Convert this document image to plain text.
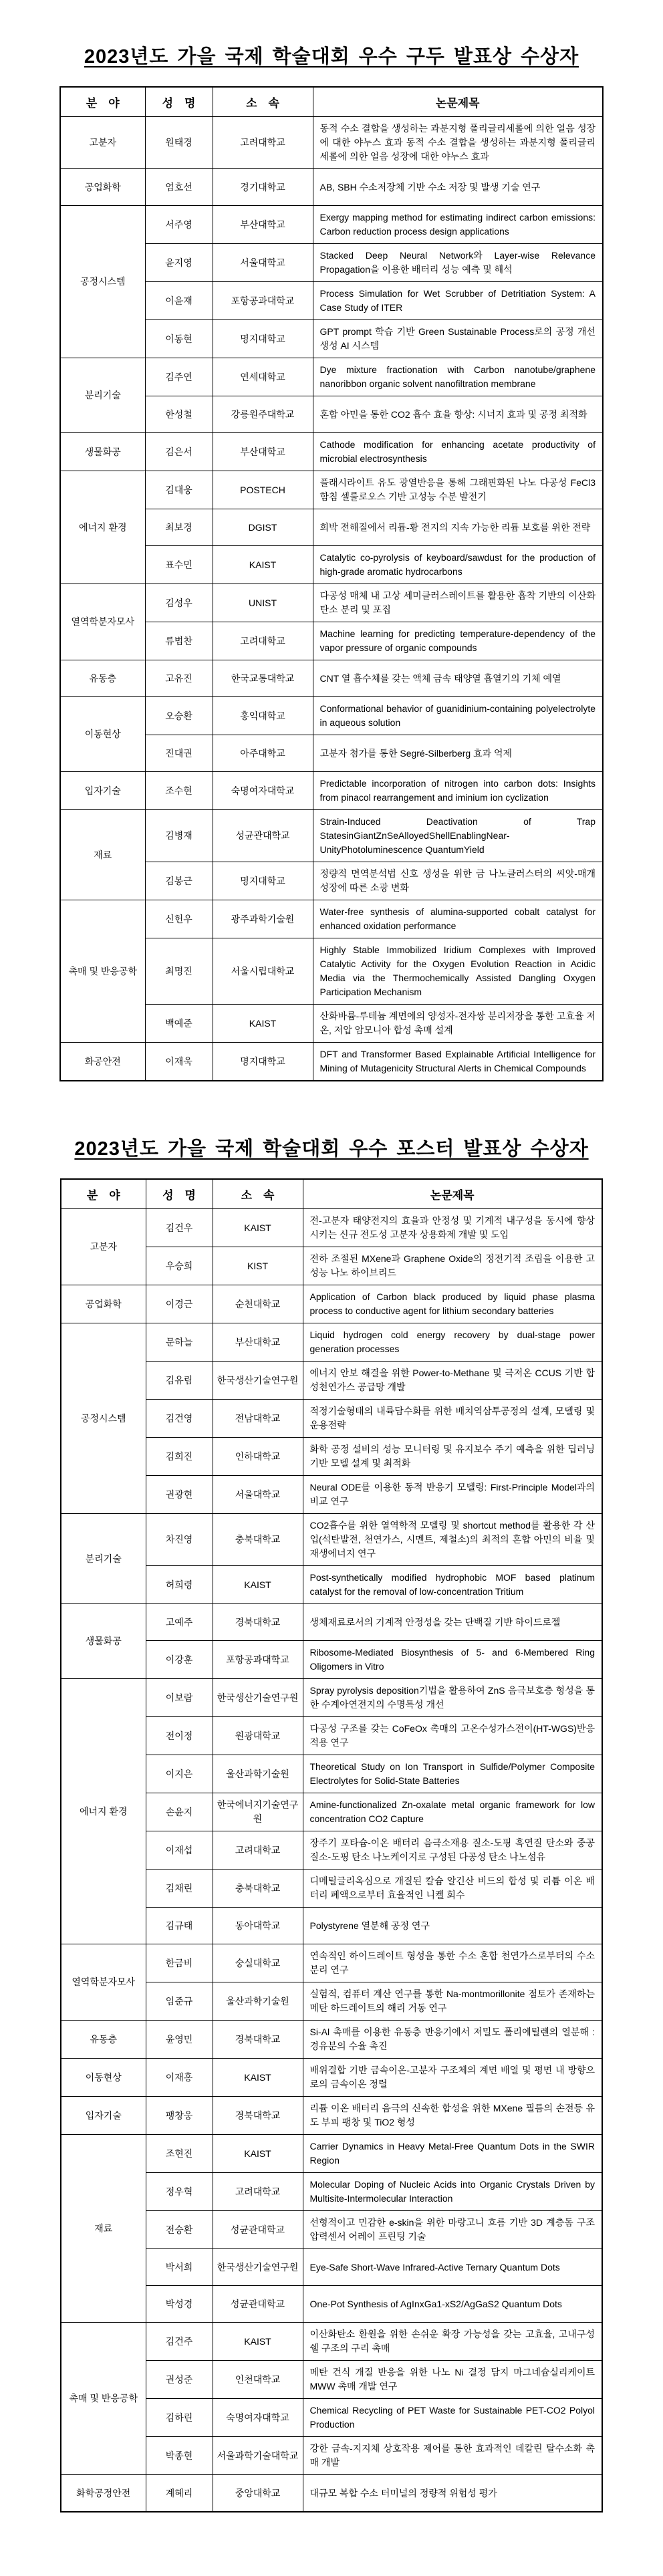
2023년도 가을 국제 학술대회 우수 구두 발표상 수상자
분　야	성　명	소　속	논문제목
고분자	원태경	고려대학교	동적 수소 결합을 생성하는 과분지형 폴리글리세롤에 의한 얼음 성장에 대한 야누스 효과 동적 수소 결합을 생성하는 과분지형 폴리글리세롤에 의한 얼음 성장에 대한 야누스 효과
공업화학	엄호선	경기대학교	AB, SBH 수소저장체 기반 수소 저장 및 발생 기술 연구
공정시스템	서주영	부산대학교	Exergy mapping method for estimating indirect carbon emissions: Carbon reduction process design applications
	윤지영	서울대학교	Stacked Deep Neural Network와 Layer-wise Relevance Propagation을 이용한 배터리 성능 예측 및 해석
	이윤재	포항공과대학교	Process Simulation for Wet Scrubber of Detritiation System: A Case Study of ITER
	이동현	명지대학교	GPT prompt 학습 기반 Green Sustainable Process로의 공정 개선 생성 AI 시스템
분리기술	김주연	연세대학교	Dye mixture fractionation with Carbon nanotube/graphene nanoribbon organic solvent nanofiltration membrane
	한성철	강릉원주대학교	혼합 아민을 통한 CO2 흡수 효율 향상: 시너지 효과 및 공정 최적화
생물화공	김은서	부산대학교	Cathode modification for enhancing acetate productivity of microbial electrosynthesis
에너지 환경	김대웅	POSTECH	플래시라이트 유도 광열반응을 통해 그래핀화된 나노 다공성 FeCl3 함침 셀룰로오스 기반 고성능 수분 발전기
	최보경	DGIST	희박 전해질에서 리튬-황 전지의 지속 가능한 리튬 보호를 위한 전략
	표수민	KAIST	Catalytic co-pyrolysis of keyboard/sawdust for the production of high-grade aromatic hydrocarbons
열역학분자모사	김성우	UNIST	다공성 매체 내 고상 세미클러스레이트를 활용한 흡착 기반의 이산화탄소 분리 및 포집
	류범찬	고려대학교	Machine learning for predicting temperature-dependency of the vapor pressure of organic compounds
유동층	고유진	한국교통대학교	CNT 열 흡수체를 갖는 액체 금속 태양열 흡열기의 기체 예열
이동현상	오승환	홍익대학교	Conformational behavior of guanidinium-containing polyelectrolyte in aqueous solution
	진대권	아주대학교	고분자 첨가를 통한 Segré-Silberberg 효과 억제
입자기술	조수현	숙명여자대학교	Predictable incorporation of nitrogen into carbon dots: Insights from pinacol rearrangement and iminium ion cyclization
재료	김병재	성균관대학교	Strain-Induced Deactivation of Trap StatesinGiantZnSeAlloyedShellEnablingNear-UnityPhotoluminescence QuantumYield
	김봉근	명지대학교	정량적 면역분석법 신호 생성을 위한 금 나노클러스터의 씨앗-매개 성장에 따른 소광 변화
촉매 및 반응공학	신헌우	광주과학기술원	Water-free synthesis of alumina-supported cobalt catalyst for enhanced oxidation performance
	최명진	서울시립대학교	Highly Stable Immobilized Iridium Complexes with Improved Catalytic Activity for the Oxygen Evolution Reaction in Acidic Media via the Thermochemically Assisted Dangling Oxygen Participation Mechanism
	백예준	KAIST	산화바륨-루테늄 계면에의 양성자-전자쌍 분리저장을 통한 고효율 저온, 저압 암모니아 합성 촉매 설계
화공안전	이재욱	명지대학교	DFT and Transformer Based Explainable Artificial Intelligence for Mining of Mutagenicity Structural Alerts in Chemical Compounds
2023년도 가을 국제 학술대회 우수 포스터 발표상 수상자
분　야	성　명	소　속	논문제목
고분자	김건우	KAIST	전-고분자 태양전지의 효율과 안정성 및 기계적 내구성을 동시에 향상시키는 신규 전도성 고분자 상용화제 개발 및 도입
	우승희	KIST	전하 조절된 MXene과 Graphene Oxide의 정전기적 조립을 이용한 고성능 나노 하이브리드
공업화학	이경근	순천대학교	Application of Carbon black produced by liquid phase plasma process to conductive agent for lithium secondary batteries
공정시스템	문하늘	부산대학교	Liquid hydrogen cold energy recovery by dual-stage power generation processes
	김유림	한국생산기술연구원	에너지 안보 해결을 위한 Power-to-Methane 및 극저온 CCUS 기반 합성천연가스 공급망 개발
	김건영	전남대학교	적정기술형태의 내륙담수화를 위한 배치역삼투공정의 설계, 모델링 및 운용전략
	김희진	인하대학교	화학 공정 설비의 성능 모니터링 및 유지보수 주기 예측을 위한 딥러닝 기반 모델 설계 및 최적화
	권광현	서울대학교	Neural ODE를 이용한 동적 반응기 모델링: First-Principle Model과의 비교 연구
분리기술	차진영	충북대학교	CO2흡수를 위한 열역학적 모델링 및 shortcut method를 활용한 각 산업(석탄발전, 천연가스, 시멘트, 제철소)의 최적의 혼합 아민의 비율 및 재생에너지 연구
	허희령	KAIST	Post-synthetically modified hydrophobic MOF based platinum catalyst for the removal of low-concentration Tritium
생물화공	고예주	경북대학교	생체재료로서의 기계적 안정성을 갖는 단백질 기반 하이드로젤
	이강훈	포항공과대학교	Ribosome-Mediated Biosynthesis of 5- and 6-Membered Ring Oligomers in Vitro
에너지 환경	이보람	한국생산기술연구원	Spray pyrolysis deposition기법을 활용하여 ZnS 음극보호층 형성을 통한 수계아연전지의 수명특성 개선
	전이정	원광대학교	다공성 구조를 갖는 CoFeOx 촉매의 고온수성가스전이(HT-WGS)반응 적용 연구
	이지은	울산과학기술원	Theoretical Study on Ion Transport in Sulfide/Polymer Composite Electrolytes for Solid-State Batteries
	손윤지	한국에너지기술연구원	Amine-functionalized Zn-oxalate metal organic framework for low concentration CO2 Capture
	이재섭	고려대학교	장주기 포타슘-이온 배터리 음극소재용 질소-도핑 흑연질 탄소와 중공 질소-도핑 탄소 나노케이지로 구성된 다공성 탄소 나노섬유
	김채린	충북대학교	디메틸글리옥심으로 개질된 칼슘 알긴산 비드의 합성 및 리튬 이온 배터리 폐액으로부터 효율적인 니켈 회수
	김규태	동아대학교	Polystyrene 열분해 공정 연구
열역학분자모사	한금비	숭실대학교	연속적인 하이드레이트 형성을 통한 수소 혼합 천연가스로부터의 수소 분리 연구
	임준규	울산과학기술원	실험적, 컴퓨터 계산 연구를 통한 Na-montmorillonite 점토가 존재하는 메탄 하드레이트의 해리 거동 연구
유동층	윤영민	경북대학교	Si-Al 촉매를 이용한 유동층 반응기에서 저밀도 폴리에틸렌의 열분해 : 경유분의 수율 촉진
이동현상	이재홍	KAIST	배위결합 기반 금속이온-고분자 구조체의 계면 배열 및 평면 내 방향으로의 금속이온 정렬
입자기술	팽창웅	경북대학교	리튬 이온 배터리 음극의 신속한 합성을 위한 MXene 필름의 손전등 유도 부피 팽창 및 TiO2 형성
재료	조현진	KAIST	Carrier Dynamics in Heavy Metal-Free Quantum Dots in the SWIR Region
	정우혁	고려대학교	Molecular Doping of Nucleic Acids into Organic Crystals Driven by Multisite-Intermolecular Interaction
	전승환	성균관대학교	선형적이고 민감한 e-skin을 위한 마랑고니 흐름 기반 3D 계층돔 구조 압력센서 어레이 프린팅 기술
	박서희	한국생산기술연구원	Eye-Safe Short-Wave Infrared-Active Ternary Quantum Dots
	박성경	성균관대학교	One-Pot Synthesis of AgInxGa1-xS2/AgGaS2 Quantum Dots
촉매 및 반응공학	김건주	KAIST	이산화탄소 환원을 위한 손쉬운 확장 가능성을 갖는 고효율, 고내구성 쉘 구조의 구리 촉매
	권성준	인천대학교	메탄 건식 개질 반응을 위한 나노 Ni 결정 담지 마그네슘실리케이트 MWW 촉매 개발 연구
	김하린	숙명여자대학교	Chemical Recycling of PET Waste for Sustainable PET-CO2 Polyol Production
	박종현	서울과학기술대학교	강한 금속-지지체 상호작용 제어를 통한 효과적인 데칼린 탈수소화 촉매 개발
화학공정안전	계혜리	중앙대학교	대규모 복합 수소 터미널의 정량적 위험성 평가
